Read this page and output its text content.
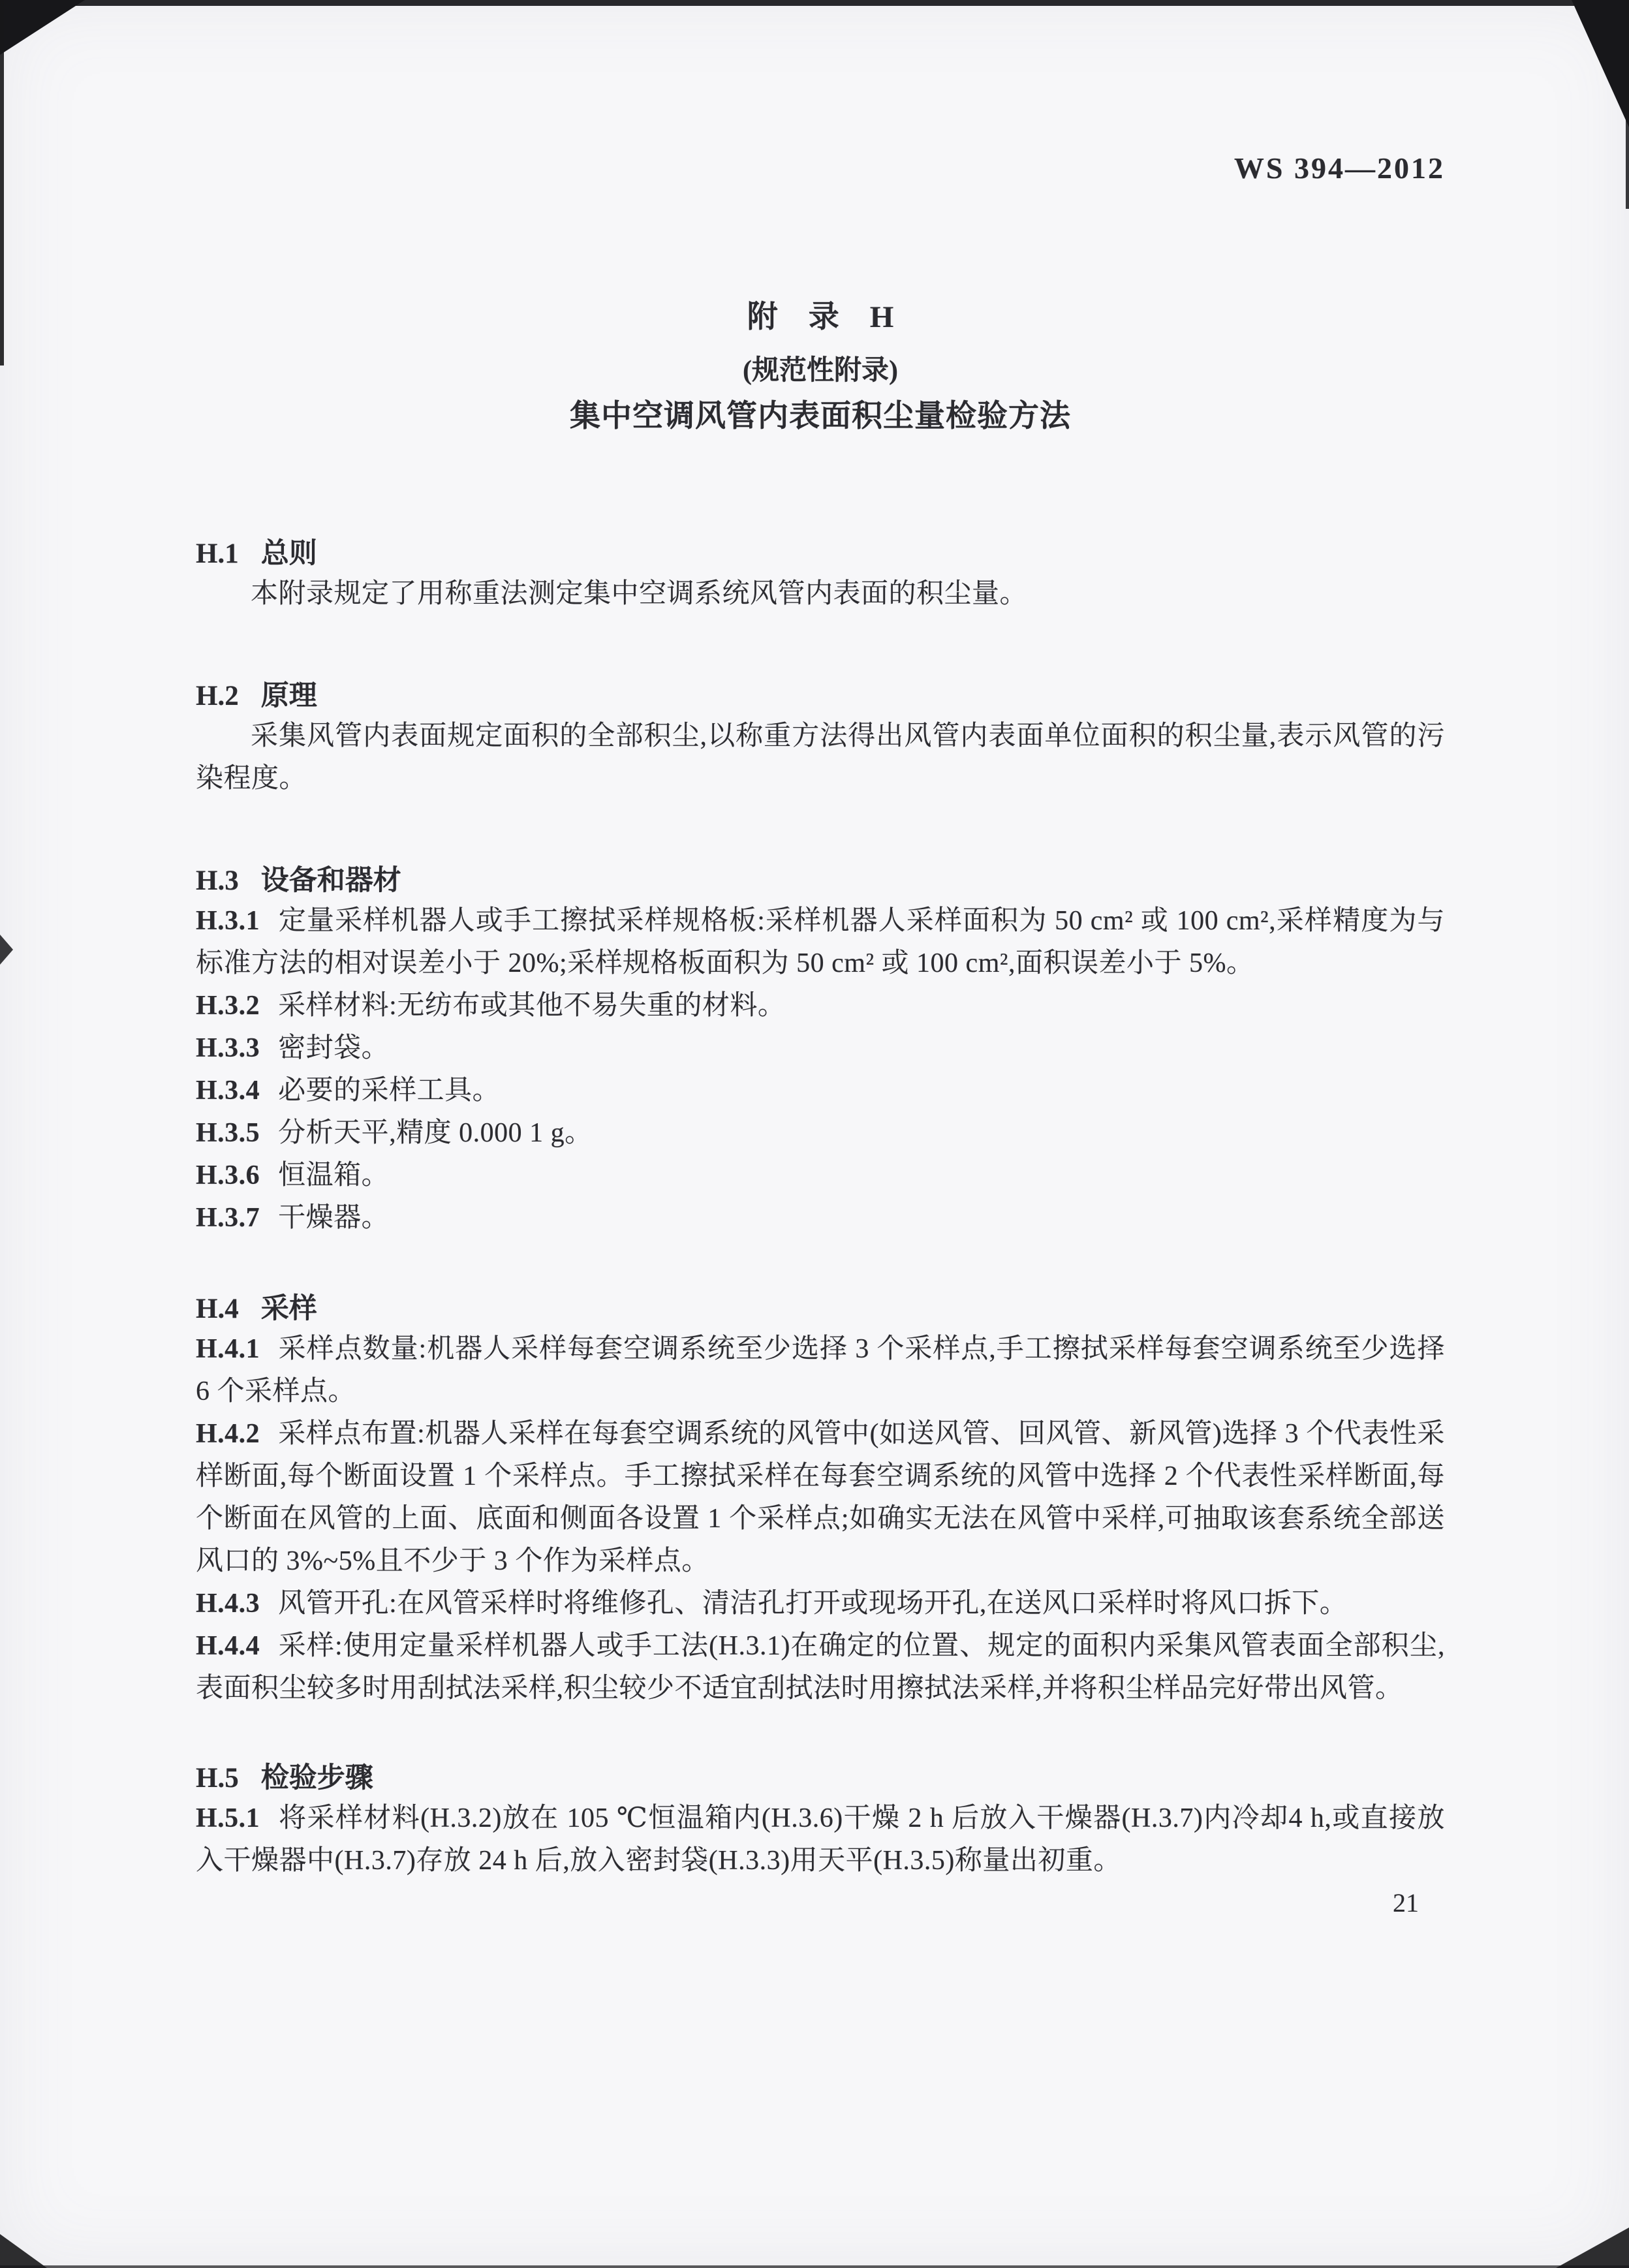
WS 394—2012
附　录　H
(规范性附录)
集中空调风管内表面积尘量检验方法
H.1 总则

本附录规定了用称重法测定集中空调系统风管内表面的积尘量。

H.2 原理

采集风管内表面规定面积的全部积尘,以称重方法得出风管内表面单位面积的积尘量,表示风管的污染程度。

H.3 设备和器材

H.3.1 定量采样机器人或手工擦拭采样规格板:采样机器人采样面积为 50 cm² 或 100 cm²,采样精度为与标准方法的相对误差小于 20%;采样规格板面积为 50 cm² 或 100 cm²,面积误差小于 5%。

H.3.2 采样材料:无纺布或其他不易失重的材料。

H.3.3 密封袋。

H.3.4 必要的采样工具。

H.3.5 分析天平,精度 0.000 1 g。

H.3.6 恒温箱。

H.3.7 干燥器。

H.4 采样

H.4.1 采样点数量:机器人采样每套空调系统至少选择 3 个采样点,手工擦拭采样每套空调系统至少选择 6 个采样点。

H.4.2 采样点布置:机器人采样在每套空调系统的风管中(如送风管、回风管、新风管)选择 3 个代表性采样断面,每个断面设置 1 个采样点。手工擦拭采样在每套空调系统的风管中选择 2 个代表性采样断面,每个断面在风管的上面、底面和侧面各设置 1 个采样点;如确实无法在风管中采样,可抽取该套系统全部送风口的 3%~5%且不少于 3 个作为采样点。

H.4.3 风管开孔:在风管采样时将维修孔、清洁孔打开或现场开孔,在送风口采样时将风口拆下。

H.4.4 采样:使用定量采样机器人或手工法(H.3.1)在确定的位置、规定的面积内采集风管表面全部积尘,表面积尘较多时用刮拭法采样,积尘较少不适宜刮拭法时用擦拭法采样,并将积尘样品完好带出风管。

H.5 检验步骤

H.5.1 将采样材料(H.3.2)放在 105 ℃恒温箱内(H.3.6)干燥 2 h 后放入干燥器(H.3.7)内冷却4 h,或直接放入干燥器中(H.3.7)存放 24 h 后,放入密封袋(H.3.3)用天平(H.3.5)称量出初重。

21
